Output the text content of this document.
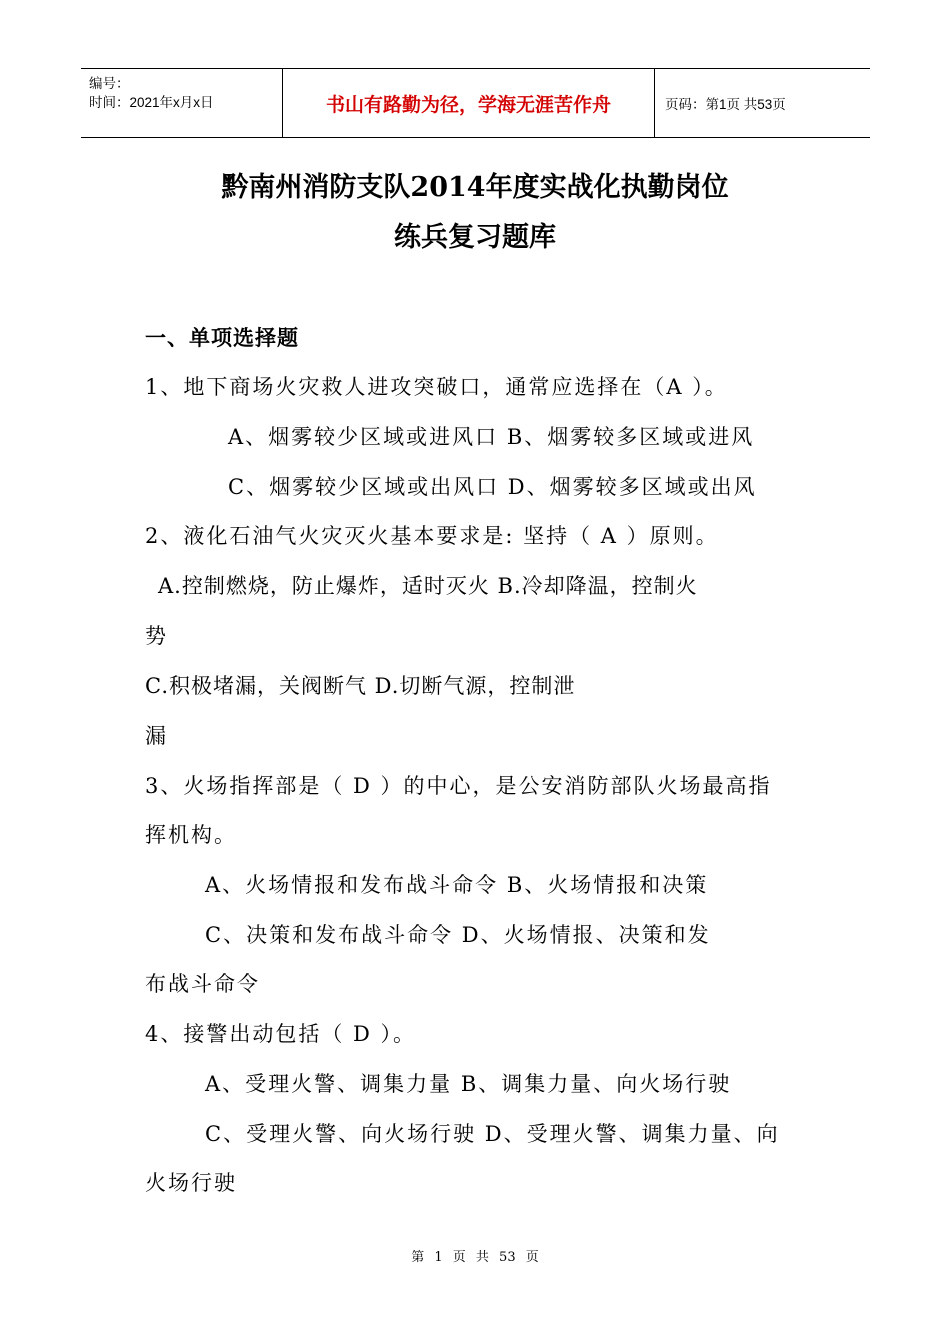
编号：
时间：2021年x月x日	书山有路勤为径，学海无涯苦作舟	页码：第1页 共53页
黔南州消防支队2014年度实战化执勤岗位
练兵复习题库
一、单项选择题
1、地下商场火灾救人进攻突破口，通常应选择在（A ）。
A、烟雾较少区域或进风口 B、烟雾较多区域或进风
C、烟雾较少区域或出风口 D、烟雾较多区域或出风
2、液化石油气火灾灭火基本要求是: 坚持（ A ）原则。
A.控制燃烧，防止爆炸，适时灭火 B.冷却降温，控制火
势
C.积极堵漏，关阀断气 D.切断气源，控制泄
漏
3、火场指挥部是（ D ）的中心，是公安消防部队火场最高指
挥机构。
A、火场情报和发布战斗命令 B、火场情报和决策
C、决策和发布战斗命令 D、火场情报、决策和发
布战斗命令
4、接警出动包括（ D ）。
A、受理火警、调集力量 B、调集力量、向火场行驶
C、受理火警、向火场行驶 D、受理火警、调集力量、向
火场行驶
第 1 页 共 53 页
